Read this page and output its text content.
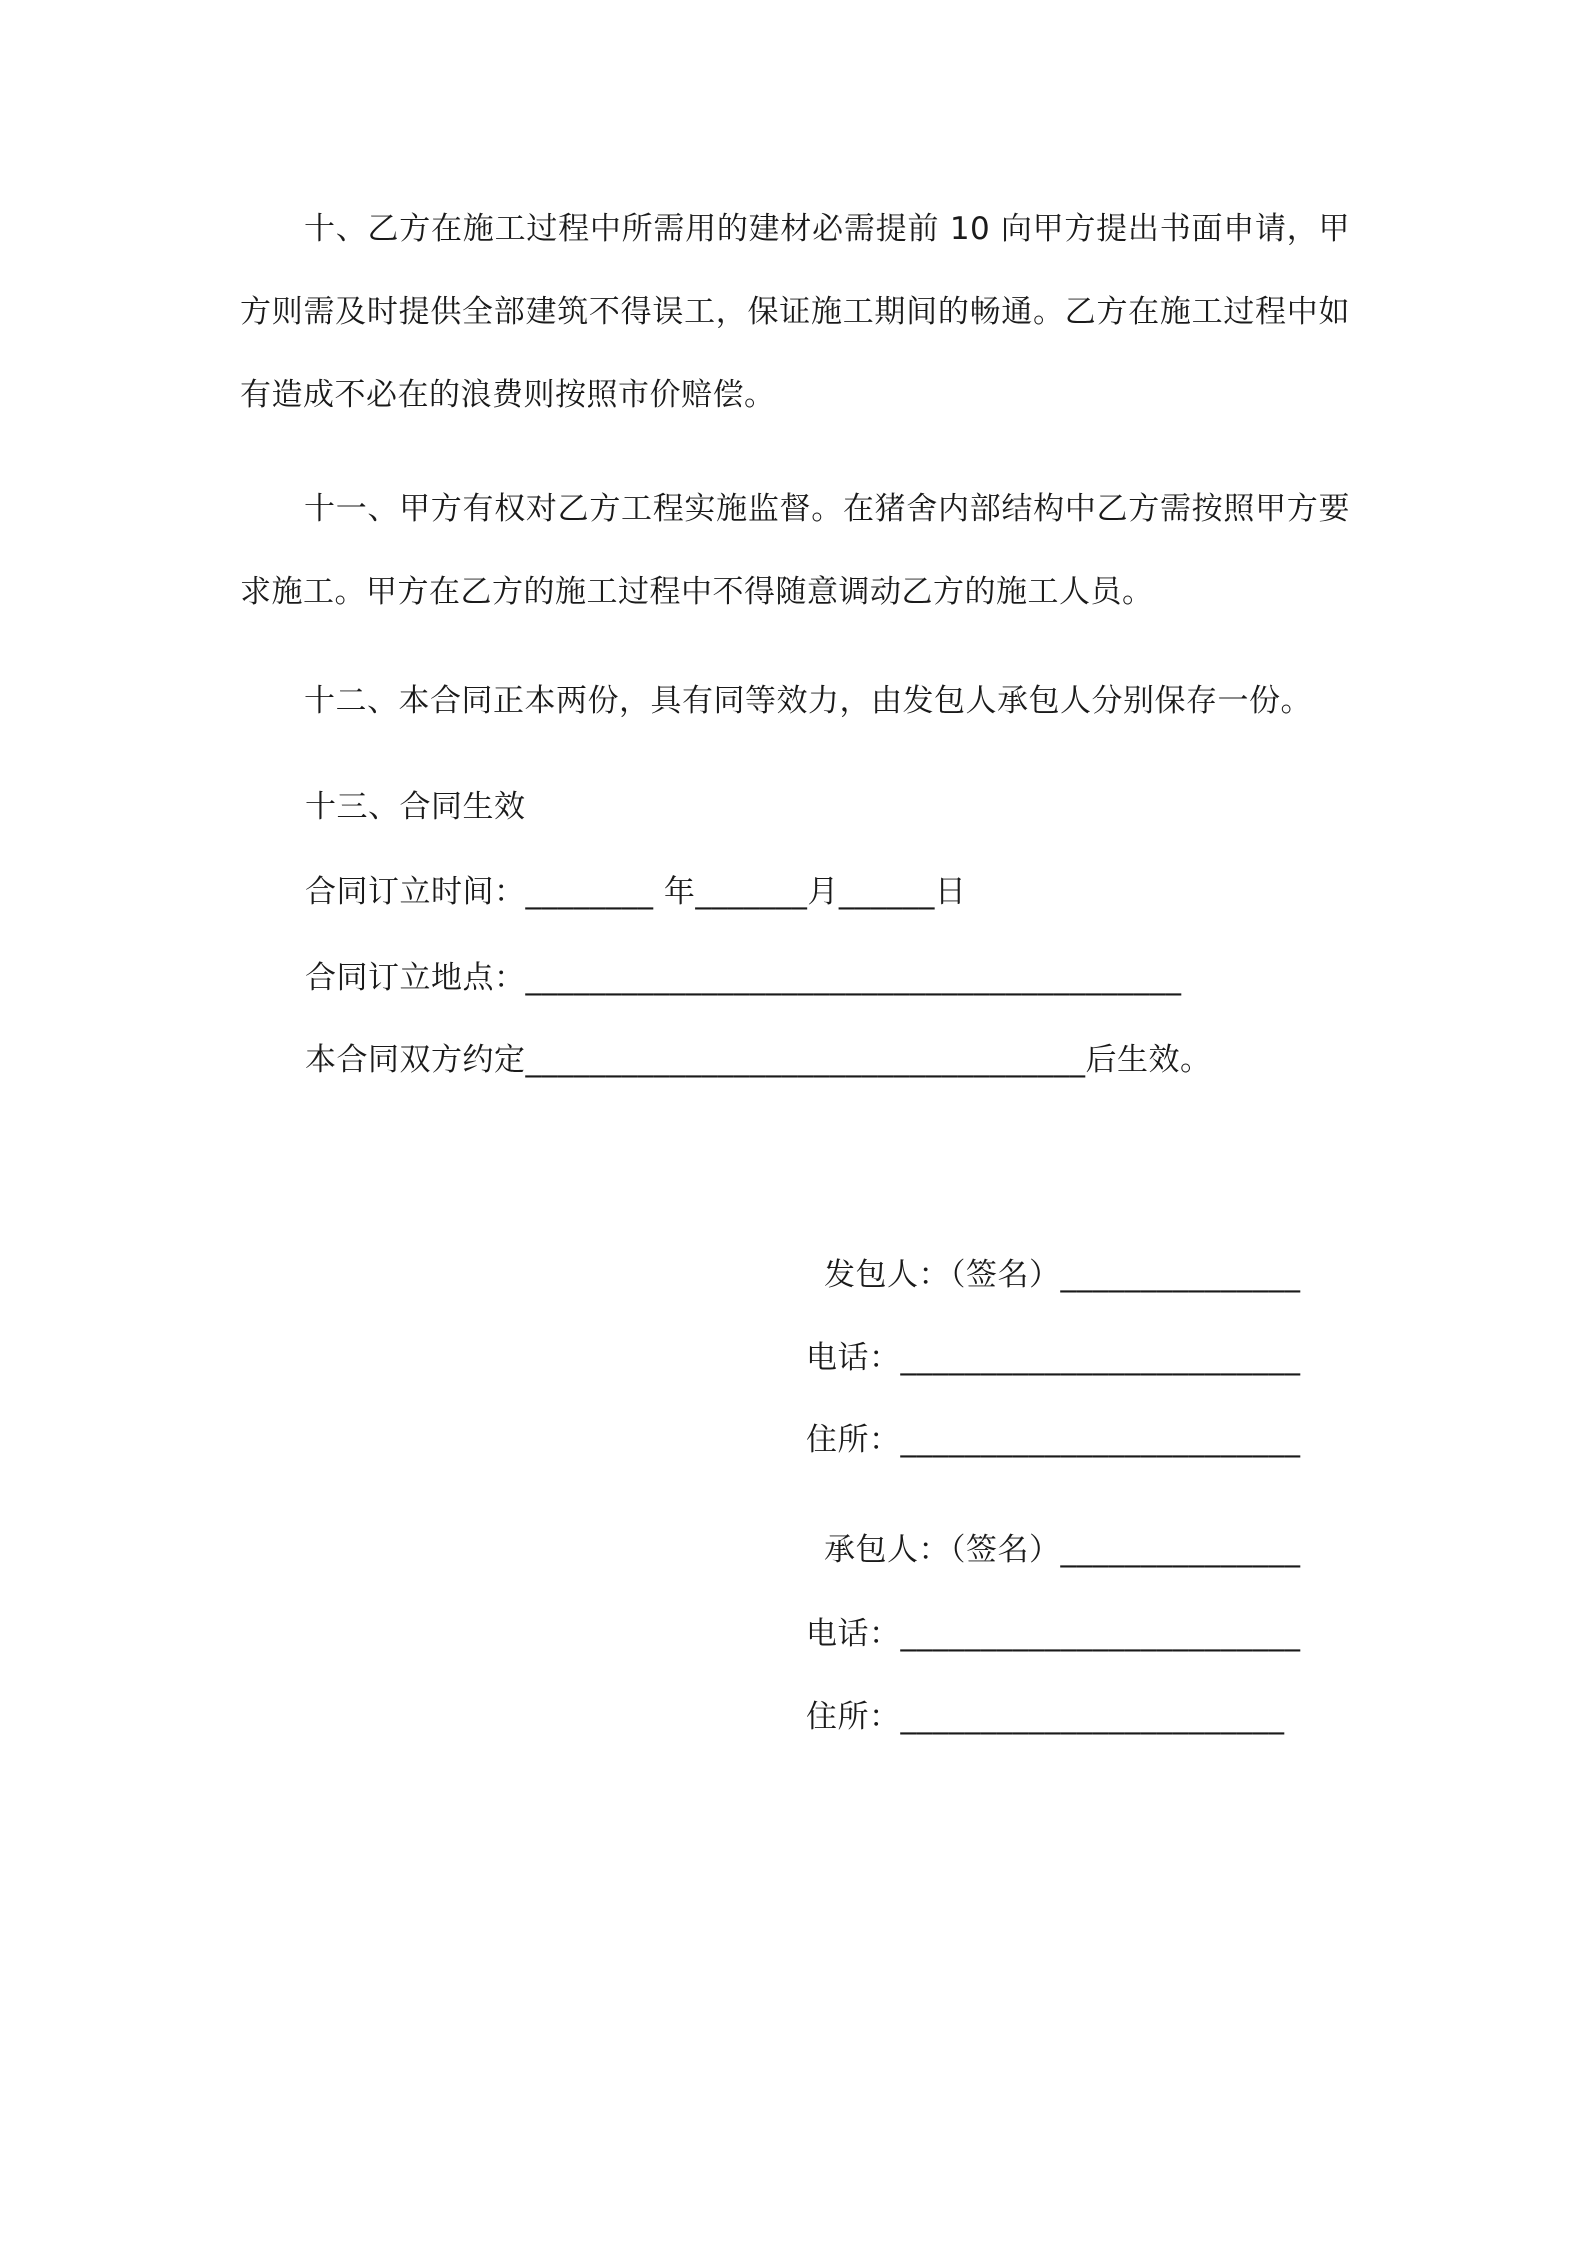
十、乙方在施工过程中所需用的建材必需提前 10 向甲方提出书面申请，甲方则需及时提供全部建筑不得误工，保证施工期间的畅通。乙方在施工过程中如有造成不必在的浪费则按照市价赔偿。

十一、甲方有权对乙方工程实施监督。在猪舍内部结构中乙方需按照甲方要求施工。甲方在乙方的施工过程中不得随意调动乙方的施工人员。

十二、本合同正本两份，具有同等效力，由发包人承包人分别保存一份。

十三、合同生效
合同订立时间：________ 年_______月______日
合同订立地点：_________________________________________
本合同双方约定___________________________________后生效。
发包人：（签名）_______________
电话：_________________________
住所：_________________________
承包人：（签名）_______________
电话：_________________________
住所：________________________
